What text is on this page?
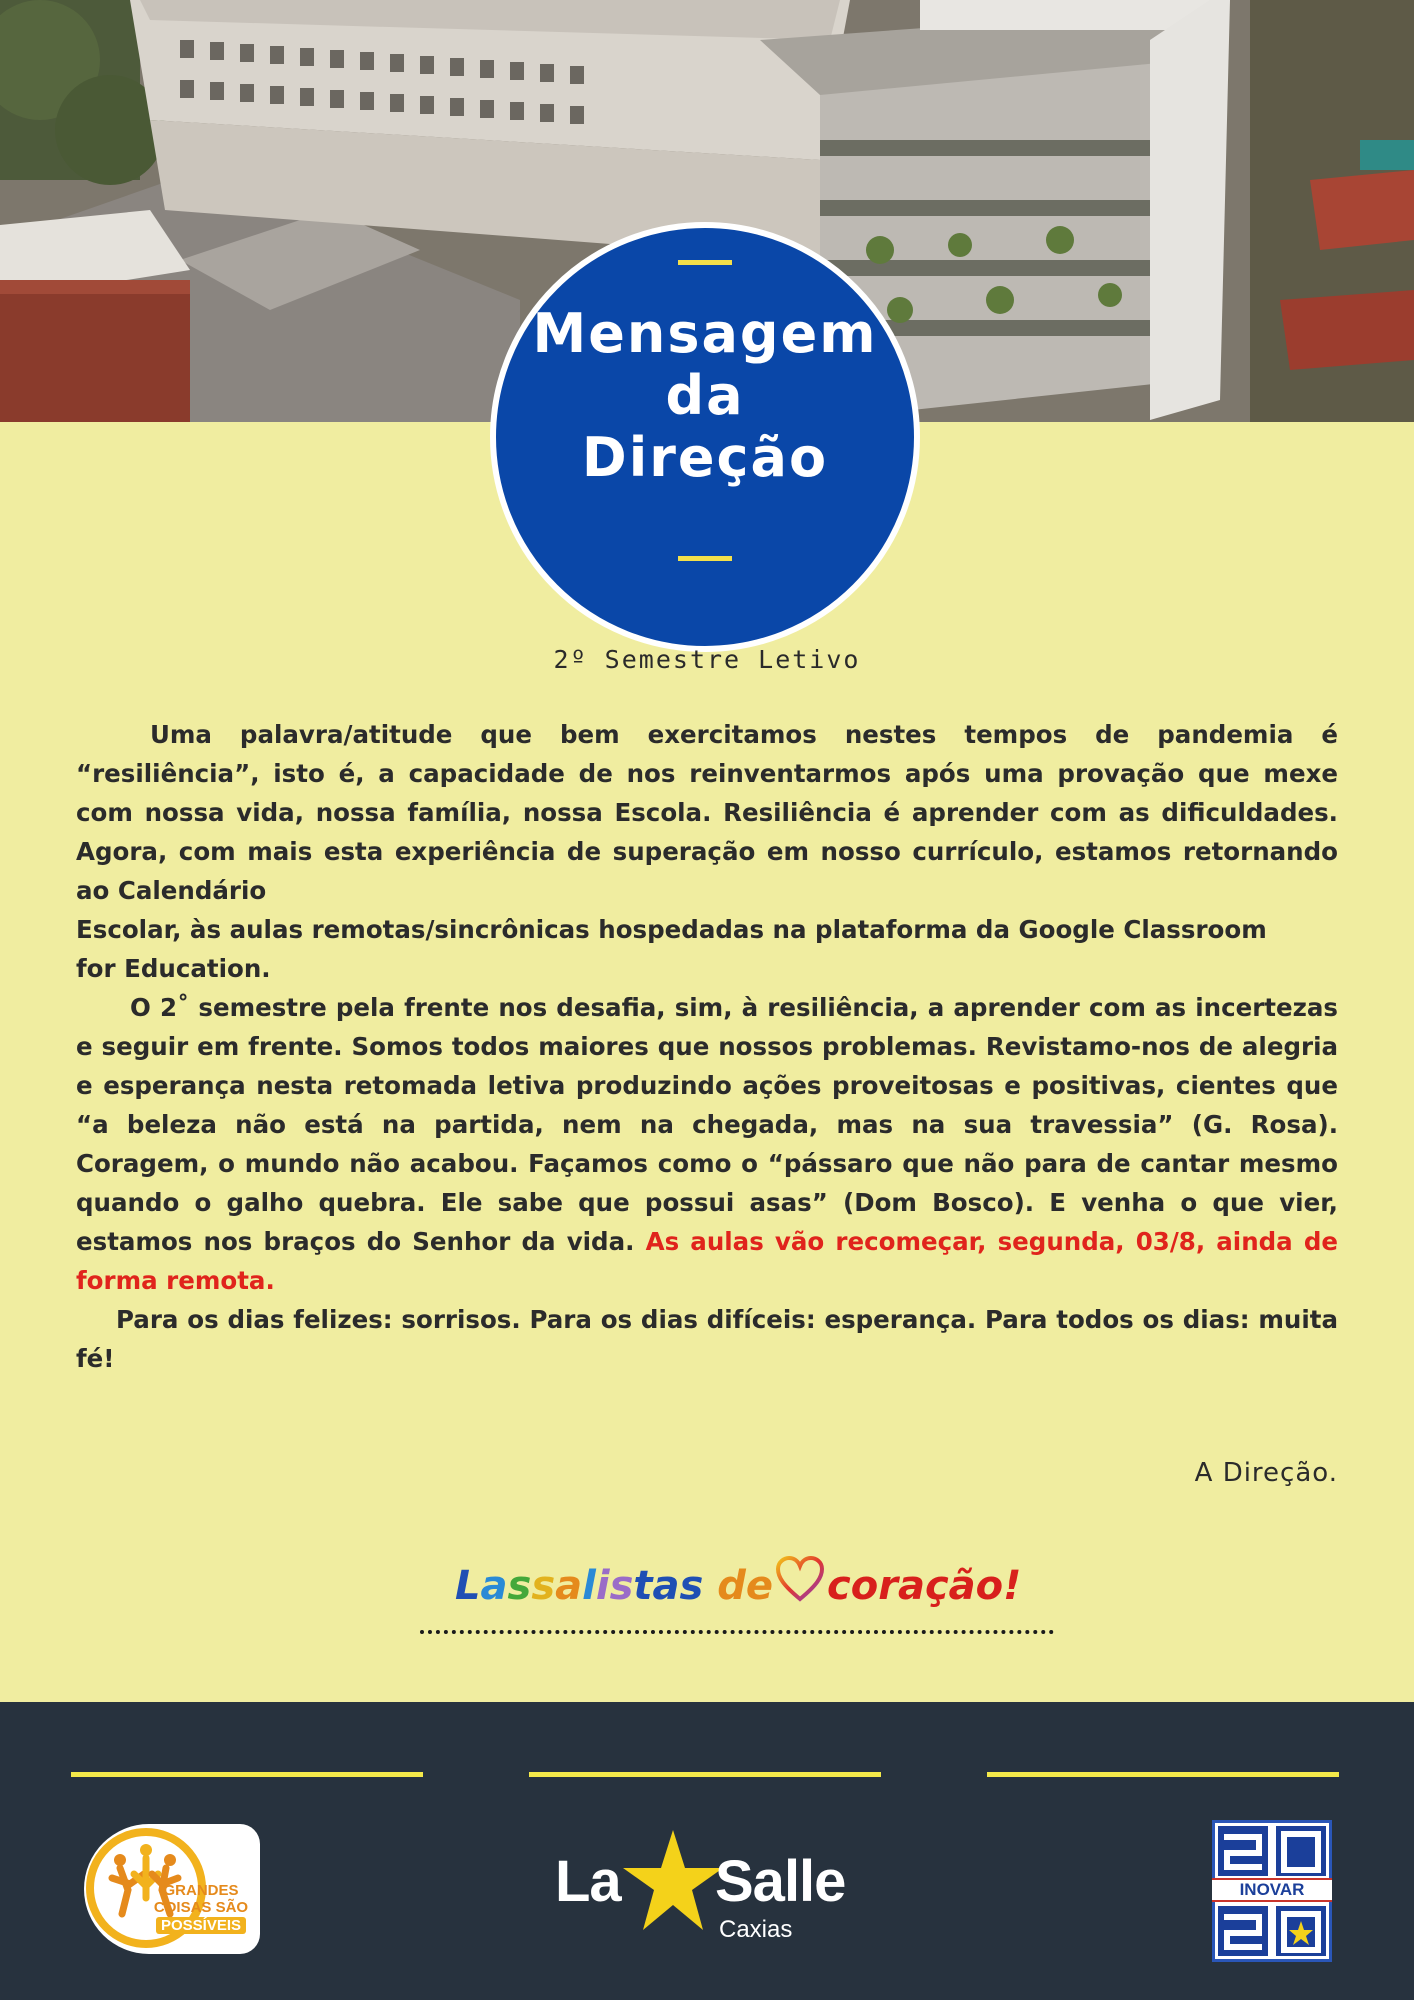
Mensagem
da
Direção
2º Semestre Letivo

Uma palavra/atitude que bem exercitamos nestes tempos de pandemia é “resiliência”, isto é, a capacidade de nos reinventarmos após uma provação que mexe com nossa vida, nossa família, nossa Escola. Resiliência é aprender com as dificuldades. Agora, com mais esta experiência de superação em nosso currículo, estamos retornando ao Calendário

Escolar, às aulas remotas/sincrônicas hospedadas na plataforma da Google Classroom

for Education.

O 2˚ semestre pela frente nos desafia, sim, à resiliência, a aprender com as incertezas e seguir em frente. Somos todos maiores que nossos problemas. Revistamo-nos de alegria e esperança nesta retomada letiva produzindo ações proveitosas e positivas, cientes que “a beleza não está na partida, nem na chegada, mas na sua travessia” (G. Rosa). Coragem, o mundo não acabou. Façamos como o “pássaro que não para de cantar mesmo quando o galho quebra. Ele sabe que possui asas” (Dom Bosco). E venha o que vier, estamos nos braços do Senhor da vida. As aulas vão recomeçar, segunda, 03/8, ainda de forma remota.

Para os dias felizes: sorrisos. Para os dias difíceis: esperança. Para todos os dias: muita fé!

A Direção.
Lassalistas de coração!
GRANDES
COISAS SÃO
POSSÍVEIS
La Salle
Caxias
INOVAR
